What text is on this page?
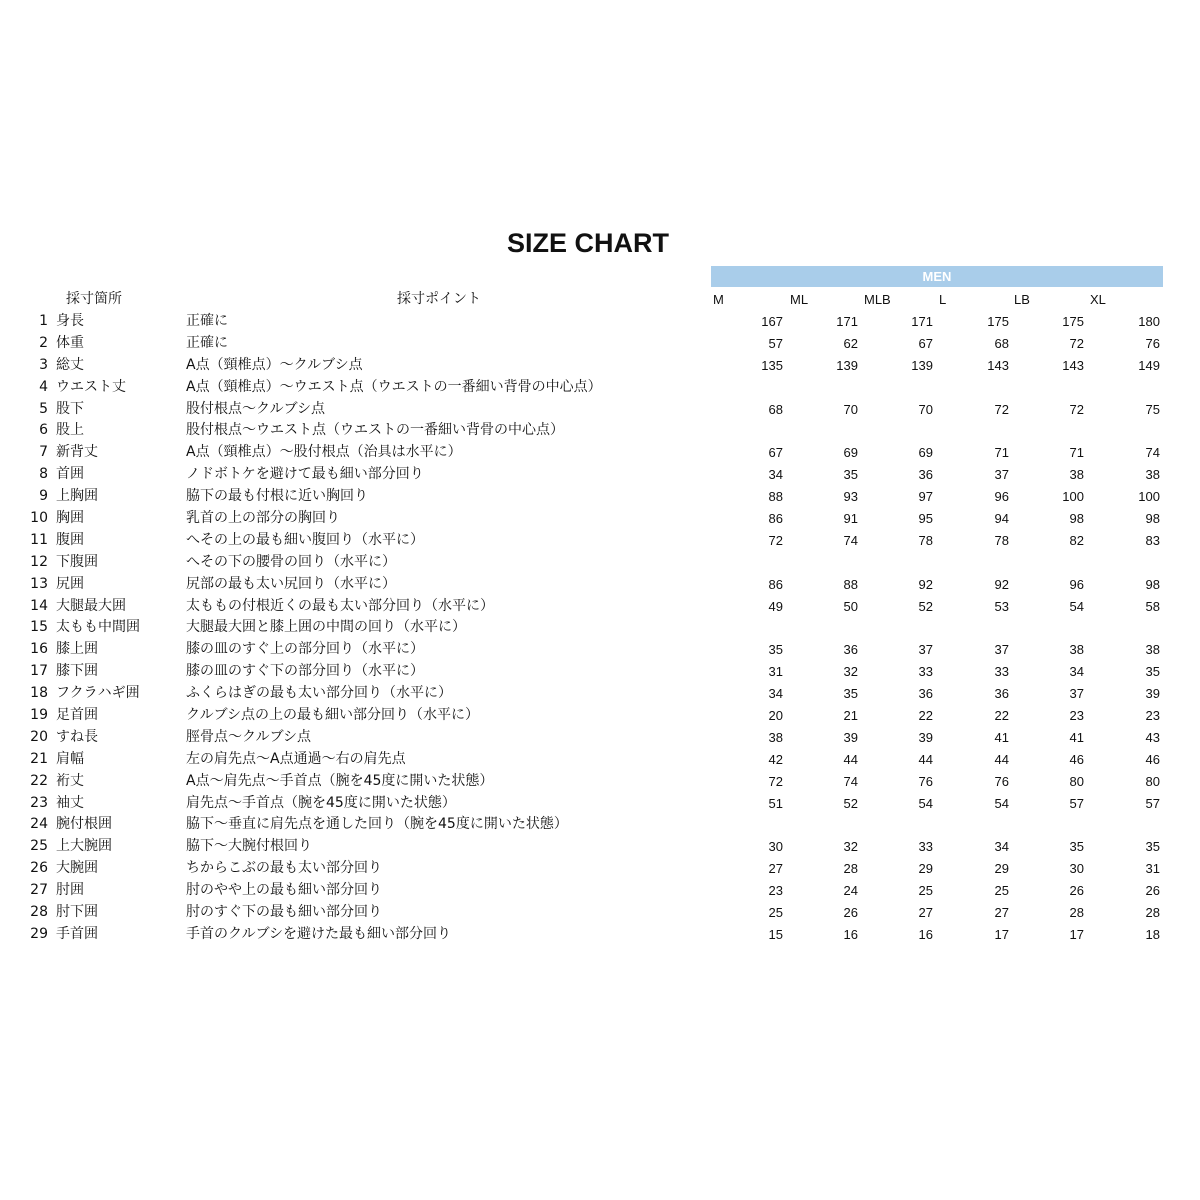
SIZE CHART
MEN
採寸箇所	採寸ポイント	M	ML	MLB	L	LB	XL
1 身長	正確に	167	171	171	175	175	180
2 体重	正確に	57	62	67	68	72	76
3 総丈	A点（頸椎点）～クルブシ点	135	139	139	143	143	149
4 ウエスト丈	A点（頸椎点）～ウエスト点（ウエストの一番細い背骨の中心点）
5 股下	股付根点～クルブシ点	68	70	70	72	72	75
6 股上	股付根点～ウエスト点（ウエストの一番細い背骨の中心点）
7 新背丈	A点（頸椎点）～股付根点（治具は水平に）	67	69	69	71	71	74
8 首囲	ノドボトケを避けて最も細い部分回り	34	35	36	37	38	38
9 上胸囲	脇下の最も付根に近い胸回り	88	93	97	96	100	100
10 胸囲	乳首の上の部分の胸回り	86	91	95	94	98	98
11 腹囲	へその上の最も細い腹回り（水平に）	72	74	78	78	82	83
12 下腹囲	へその下の腰骨の回り（水平に）
13 尻囲	尻部の最も太い尻回り（水平に）	86	88	92	92	96	98
14 大腿最大囲	太ももの付根近くの最も太い部分回り（水平に）	49	50	52	53	54	58
15 太もも中間囲	大腿最大囲と膝上囲の中間の回り（水平に）
16 膝上囲	膝の皿のすぐ上の部分回り（水平に）	35	36	37	37	38	38
17 膝下囲	膝の皿のすぐ下の部分回り（水平に）	31	32	33	33	34	35
18 フクラハギ囲	ふくらはぎの最も太い部分回り（水平に）	34	35	36	36	37	39
19 足首囲	クルブシ点の上の最も細い部分回り（水平に）	20	21	22	22	23	23
20 すね長	脛骨点～クルブシ点	38	39	39	41	41	43
21 肩幅	左の肩先点～A点通過～右の肩先点	42	44	44	44	46	46
22 裄丈	A点～肩先点～手首点（腕を45度に開いた状態）	72	74	76	76	80	80
23 袖丈	肩先点～手首点（腕を45度に開いた状態）	51	52	54	54	57	57
24 腕付根囲	脇下～垂直に肩先点を通した回り（腕を45度に開いた状態）
25 上大腕囲	脇下～大腕付根回り	30	32	33	34	35	35
26 大腕囲	ちからこぶの最も太い部分回り	27	28	29	29	30	31
27 肘囲	肘のやや上の最も細い部分回り	23	24	25	25	26	26
28 肘下囲	肘のすぐ下の最も細い部分回り	25	26	27	27	28	28
29 手首囲	手首のクルブシを避けた最も細い部分回り	15	16	16	17	17	18
